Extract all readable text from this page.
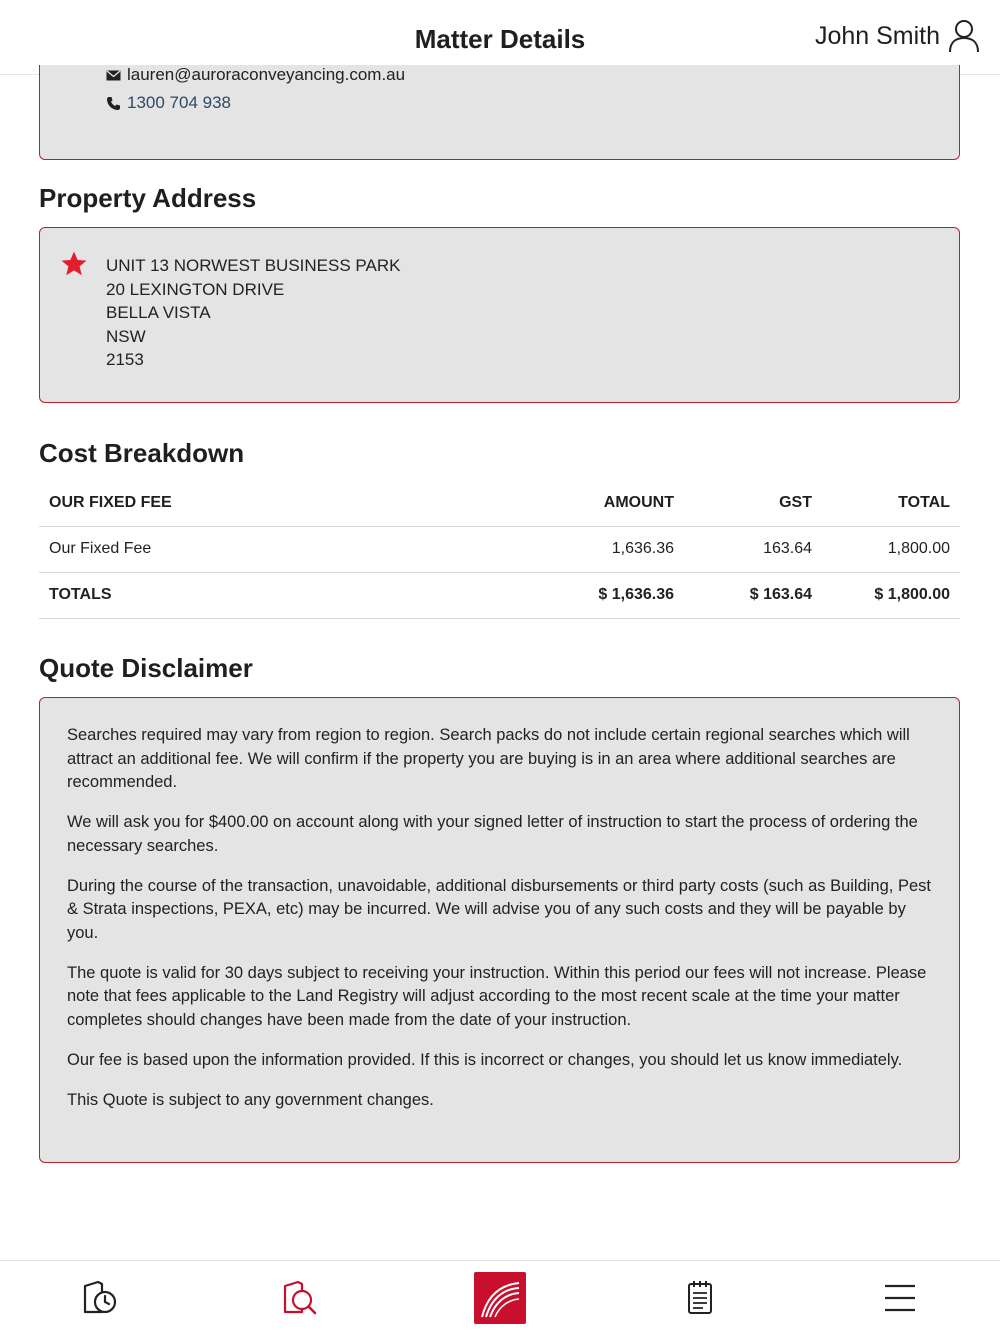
Matter Details	John Smith
lauren@auroraconveyancing.com.au
1300 704 938
Property Address
UNIT 13 NORWEST BUSINESS PARK
20 LEXINGTON DRIVE
BELLA VISTA
NSW
2153
Cost Breakdown
OUR FIXED FEE	AMOUNT	GST	TOTAL
Our Fixed Fee	1,636.36	163.64	1,800.00
TOTALS	$ 1,636.36	$ 163.64	$ 1,800.00
Quote Disclaimer

Searches required may vary from region to region. Search packs do not include certain regional searches which will attract an additional fee. We will confirm if the property you are buying is in an area where additional searches are recommended.

We will ask you for $400.00 on account along with your signed letter of instruction to start the process of ordering the necessary searches.

During the course of the transaction, unavoidable, additional disbursements or third party costs (such as Building, Pest & Strata inspections, PEXA, etc) may be incurred. We will advise you of any such costs and they will be payable by you.

The quote is valid for 30 days subject to receiving your instruction. Within this period our fees will not increase. Please note that fees applicable to the Land Registry will adjust according to the most recent scale at the time your matter completes should changes have been made from the date of your instruction.

Our fee is based upon the information provided. If this is incorrect or changes, you should let us know immediately.

This Quote is subject to any government changes.
